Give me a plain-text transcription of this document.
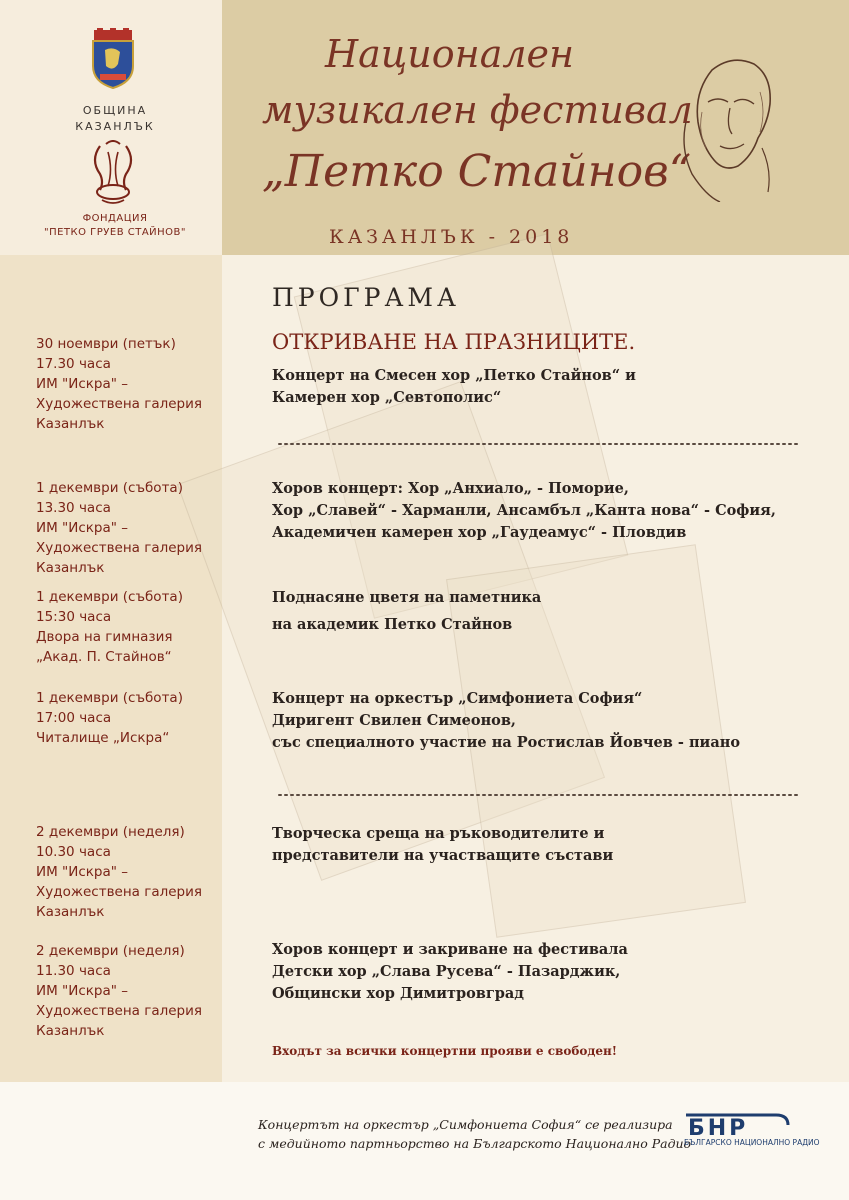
ОБЩИНА
КАЗАНЛЪК
ФОНДАЦИЯ
"ПЕТКО ГРУЕВ СТАЙНОВ"
Национален
музикален фестивал
„Петко Стайнов“
КАЗАНЛЪК - 2018
ПРОГРАМА
ОТКРИВАНЕ НА ПРАЗНИЦИТЕ.
30 ноември (петък)
17.30 часа
ИМ "Искра" –
Художествена галерия
Казанлък
Концерт на Смесен хор „Петко Стайнов“ и
Камерен хор „Севтополис“
1 декември (събота)
13.30 часа
ИМ "Искра" –
Художествена галерия
Казанлък
Хоров концерт: Хор „Анхиало„ - Поморие,
Хор „Славей“ - Харманли, Ансамбъл „Канта нова“ - София,
Академичен камерен хор „Гаудеамус“ - Пловдив
1 декември (събота)
15:30 часа
Двора на гимназия
„Акад. П. Стайнов“
Поднасяне цветя на паметника
на академик Петко Стайнов
1 декември (събота)
17:00 часа
Читалище „Искра“
Концерт на оркестър „Симфониета София“
Диригент Свилен Симеонов,
със специалното участие на Ростислав Йовчев - пиано
2 декември (неделя)
10.30 часа
ИМ "Искра" –
Художествена галерия
Казанлък
Творческа среща на ръководителите и
представители на участващите състави
2 декември (неделя)
11.30 часа
ИМ "Искра" –
Художествена галерия
Казанлък
Хоров концерт и закриване на фестивала
Детски хор „Слава Русева“ - Пазарджик,
Общински хор Димитровград
Входът за всички концертни прояви е свободен!
Концертът на оркестър „Симфониета София“ се реализира
с медийното партньорство на Българското Национално Радио
БНР
БЪЛГАРСКО НАЦИОНАЛНО РАДИО
